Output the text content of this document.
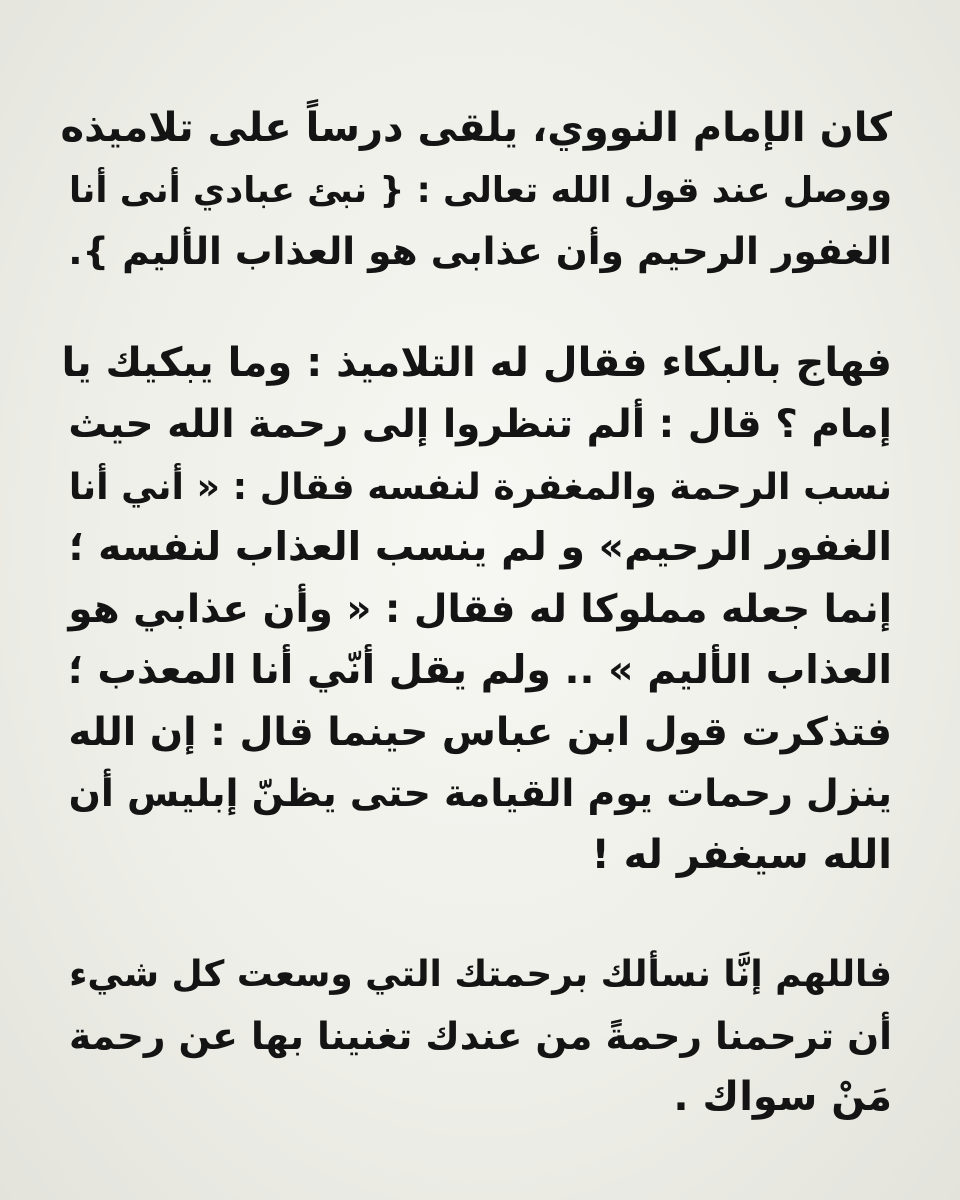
كان الإمام النووي، يلقى درساً على تلاميذه
ووصل عند قول الله تعالى : { نبئ عبادي أنى أنا
الغفور الرحيم وأن عذابى هو العذاب الأليم }.
فهاج بالبكاء فقال له التلاميذ : وما يبكيك يا
إمام ؟ قال : ألم تنظروا إلى رحمة الله حيث
نسب الرحمة والمغفرة لنفسه فقال : « أني أنا
الغفور الرحيم» و لم ينسب العذاب لنفسه ؛
إنما جعله مملوكا له فقال : « وأن عذابي هو
العذاب الأليم » .. ولم يقل أنّي أنا المعذب ؛
فتذكرت قول ابن عباس حينما قال : إن الله
ينزل رحمات يوم القيامة حتى يظنّ إبليس أن
الله سيغفر له !
فاللهم إنَّا نسألك برحمتك التي وسعت كل شيء
أن ترحمنا رحمةً من عندك تغنينا بها عن رحمة
مَنْ سواك .
